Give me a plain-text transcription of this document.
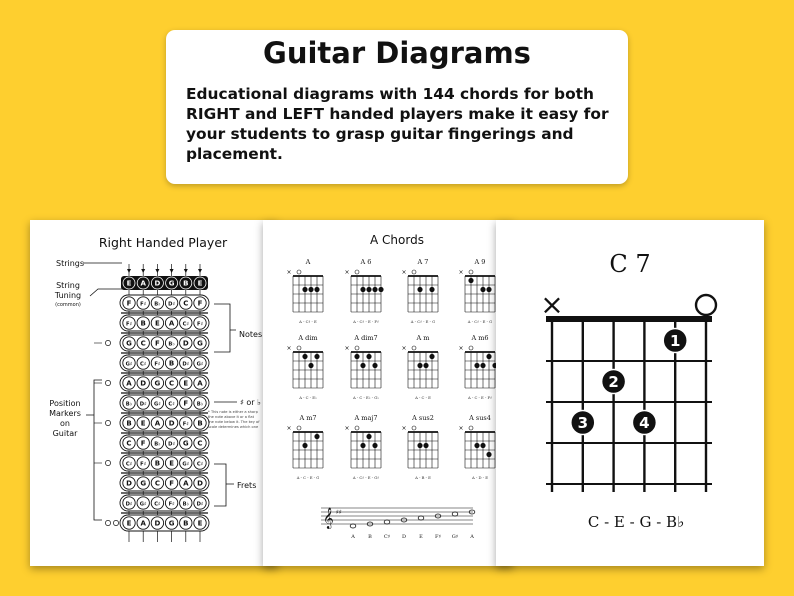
Guitar Diagrams

Educational diagrams with 144 chords for both RIGHT and LEFT handed players make it easy for your students to grasp guitar fingerings and placement.

Right Handed Player
Strings
String
Tuning
(common)
E A D G B E
F F♯ B♭ D♯ C F
F♯ B E A C♯ F♯
G C F B♭ D G
G♯ C♯ F♯ B D♯ G♯
A D G C E A
B♭ D♯ G♯ C♯ F B♭
B E A D F♯ B
C F B♭ D♯ G C
C♯ F♯ B E G♯ C♯
D G C F A D
D♯ G♯ C♯ F♯ B♭ D♯
E A D G B E
Notes
♯ or ♭
* This note is either a sharp
the note above it or a flat
the note below it. The key of
scale determines which one
Frets
Position
Markers
on
Guitar
A Chords
A
×
A - C♯ - E
A 6
×
A - C♯ - E - F♯
A 7
×
A - C♯ - E - G
A 9
×
A - C♯ - E - G
A dim
×
A - C - E♭
A dim7
×
A - C - E♭ - G♭
A m
×
A - C - E
A m6
×
A - C - E - F♯
A m7
×
A - C - E - G
A maj7
×
A - C♯ - E - G♯
A sus2
×
A - B - E
A sus4
×
A - D - E
𝄞 ♯♯
A	B C♯ D	E F♯ G♯ A
C 7
×
1
2
3	4
C - E - G - B♭
